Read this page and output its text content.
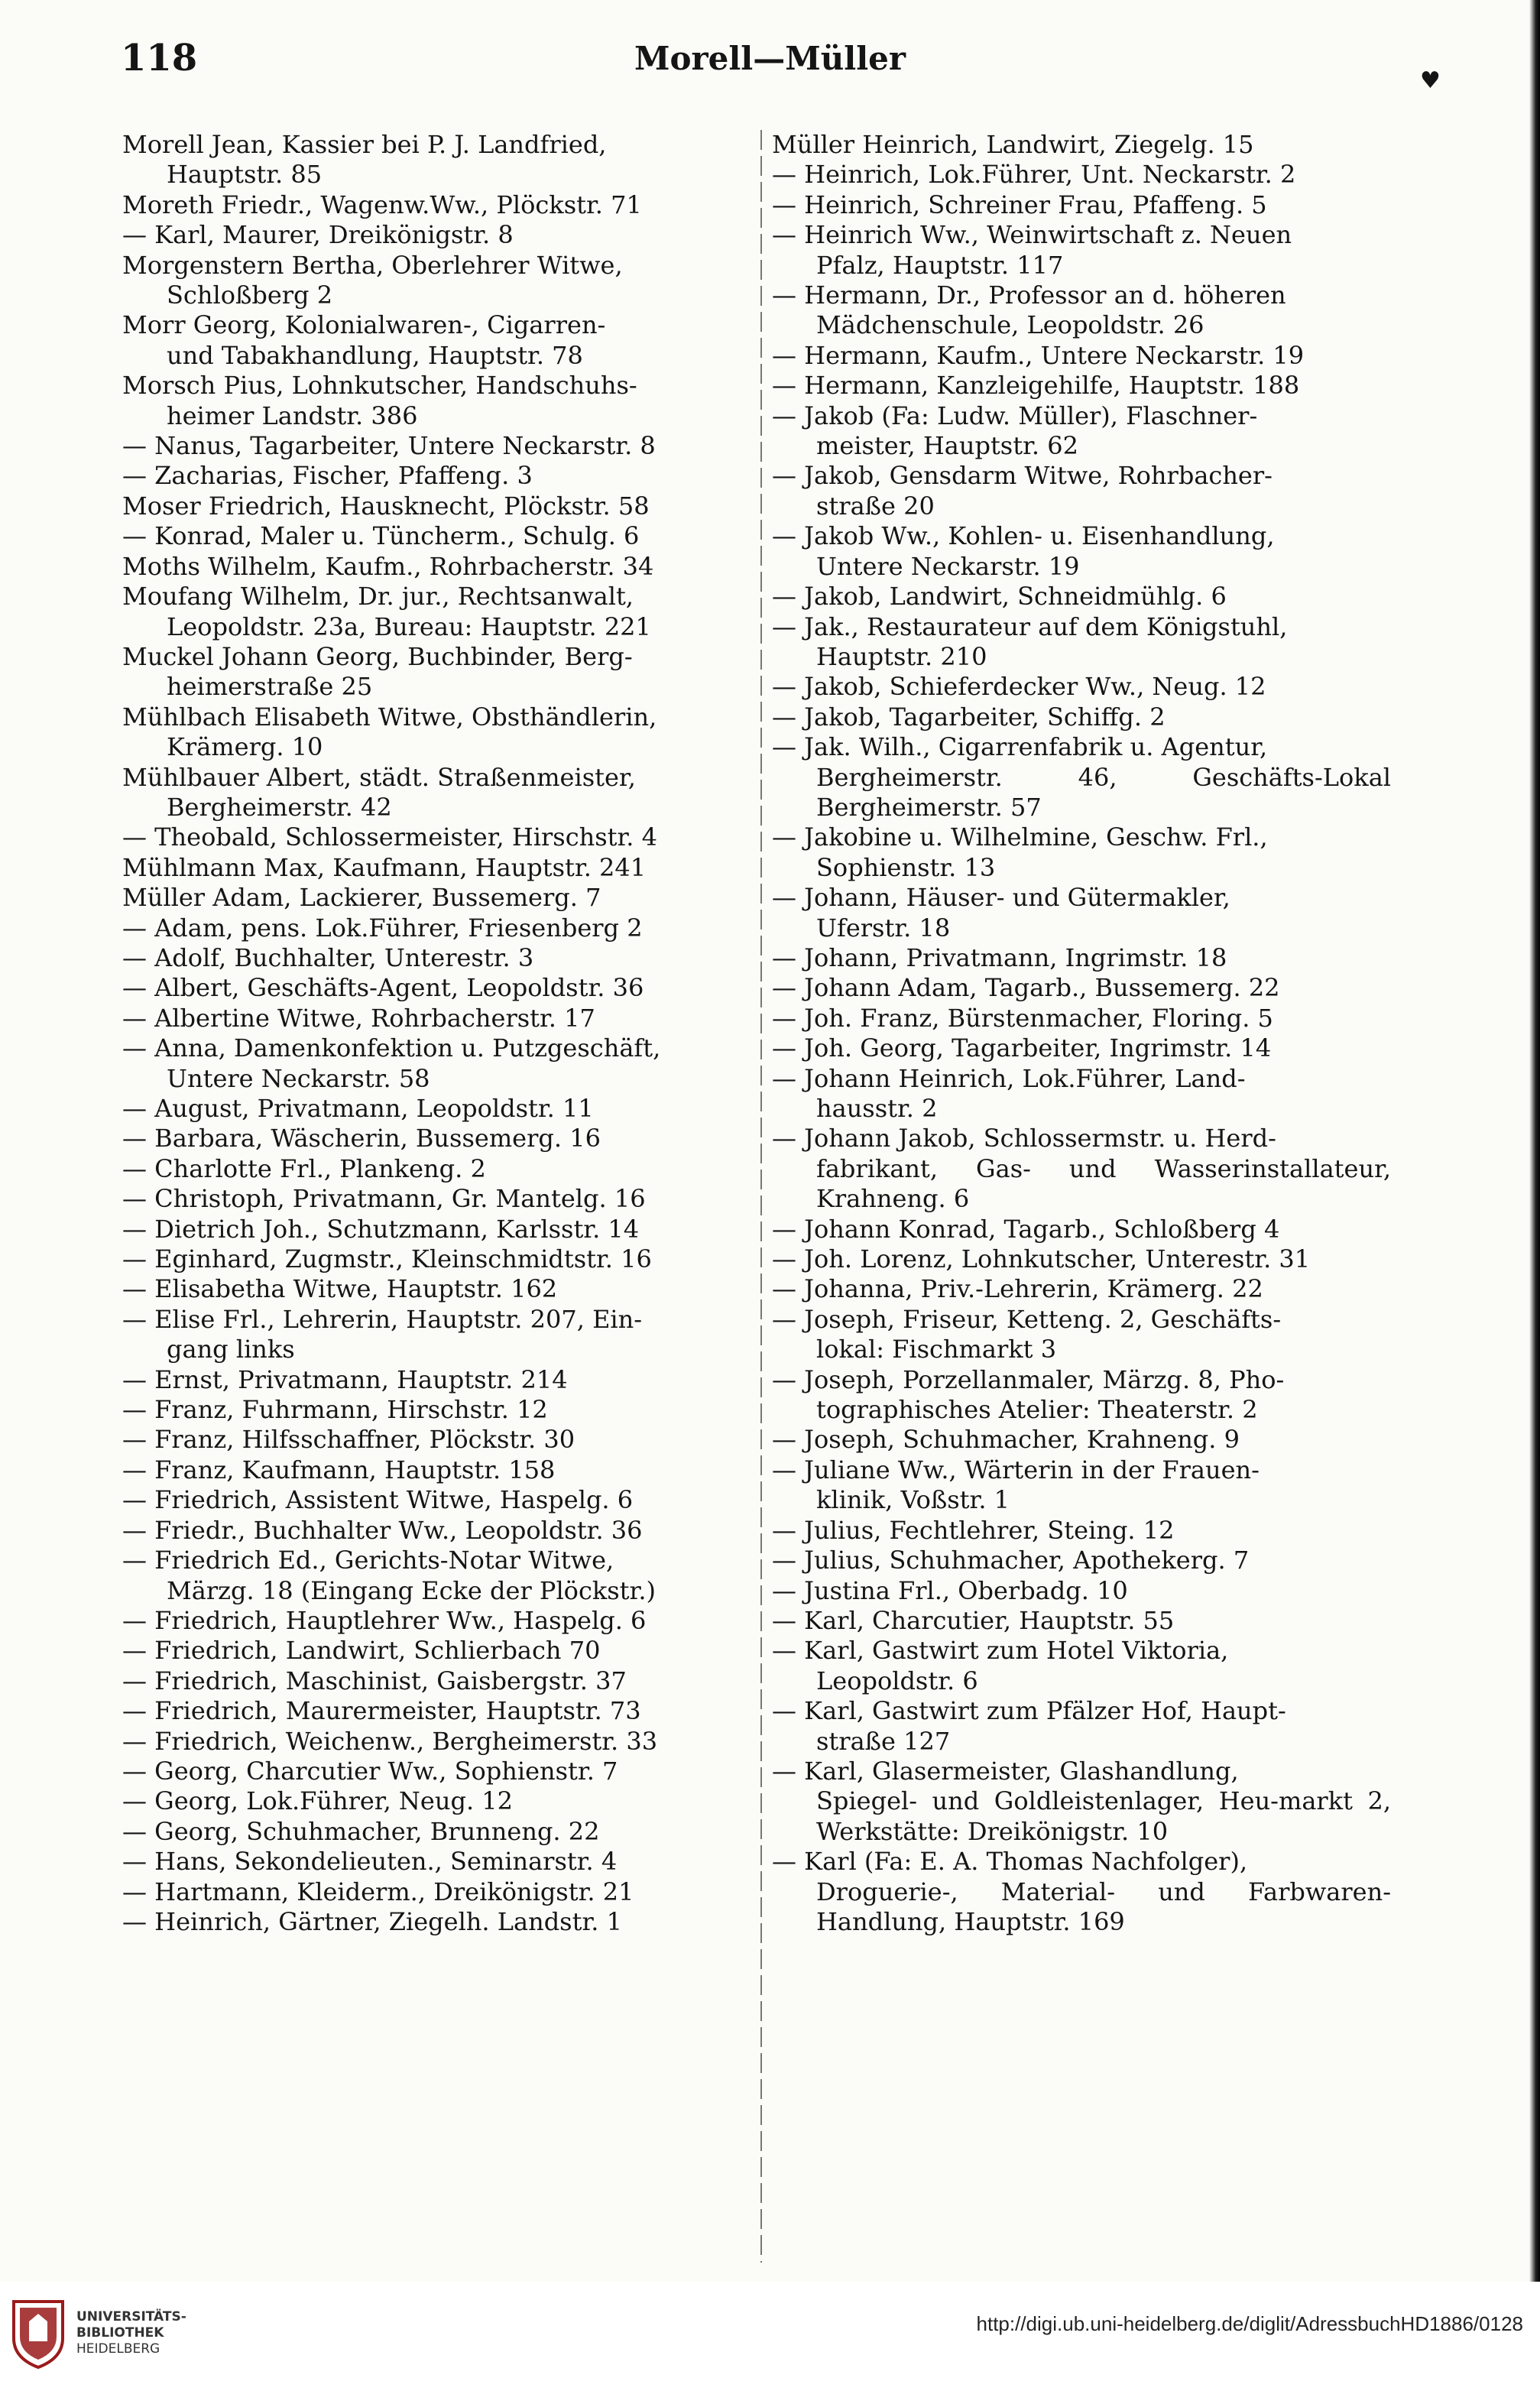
118	Morell—Müller
♥
Morell Jean, Kassier bei P. J. Landfried,
Hauptstr. 85
Moreth Friedr., Wagenw.Ww., Plöckstr. 71
— Karl, Maurer, Dreikönigstr. 8
Morgenstern Bertha, Oberlehrer Witwe,
Schloßberg 2
Morr Georg, Kolonialwaren-, Cigarren-
und Tabakhandlung, Hauptstr. 78
Morsch Pius, Lohnkutscher, Handschuhs-
heimer Landstr. 386
— Nanus, Tagarbeiter, Untere Neckarstr. 8
— Zacharias, Fischer, Pfaffeng. 3
Moser Friedrich, Hausknecht, Plöckstr. 58
— Konrad, Maler u. Tüncherm., Schulg. 6
Moths Wilhelm, Kaufm., Rohrbacherstr. 34
Moufang Wilhelm, Dr. jur., Rechtsanwalt,
Leopoldstr. 23a, Bureau: Hauptstr. 221
Muckel Johann Georg, Buchbinder, Berg-
heimerstraße 25
Mühlbach Elisabeth Witwe, Obsthändlerin,
Krämerg. 10
Mühlbauer Albert, städt. Straßenmeister,
Bergheimerstr. 42
— Theobald, Schlossermeister, Hirschstr. 4
Mühlmann Max, Kaufmann, Hauptstr. 241
Müller Adam, Lackierer, Bussemerg. 7
— Adam, pens. Lok.Führer, Friesenberg 2
— Adolf, Buchhalter, Unterestr. 3
— Albert, Geschäfts-Agent, Leopoldstr. 36
— Albertine Witwe, Rohrbacherstr. 17
— Anna, Damenkonfektion u. Putzgeschäft,
Untere Neckarstr. 58
— August, Privatmann, Leopoldstr. 11
— Barbara, Wäscherin, Bussemerg. 16
— Charlotte Frl., Plankeng. 2
— Christoph, Privatmann, Gr. Mantelg. 16
— Dietrich Joh., Schutzmann, Karlsstr. 14
— Eginhard, Zugmstr., Kleinschmidtstr. 16
— Elisabetha Witwe, Hauptstr. 162
— Elise Frl., Lehrerin, Hauptstr. 207, Ein-
gang links
— Ernst, Privatmann, Hauptstr. 214
— Franz, Fuhrmann, Hirschstr. 12
— Franz, Hilfsschaffner, Plöckstr. 30
— Franz, Kaufmann, Hauptstr. 158
— Friedrich, Assistent Witwe, Haspelg. 6
— Friedr., Buchhalter Ww., Leopoldstr. 36
— Friedrich Ed., Gerichts-Notar Witwe,
Märzg. 18 (Eingang Ecke der Plöckstr.)
— Friedrich, Hauptlehrer Ww., Haspelg. 6
— Friedrich, Landwirt, Schlierbach 70
— Friedrich, Maschinist, Gaisbergstr. 37
— Friedrich, Maurermeister, Hauptstr. 73
— Friedrich, Weichenw., Bergheimerstr. 33
— Georg, Charcutier Ww., Sophienstr. 7
— Georg, Lok.Führer, Neug. 12
— Georg, Schuhmacher, Brunneng. 22
— Hans, Sekondelieuten., Seminarstr. 4
— Hartmann, Kleiderm., Dreikönigstr. 21
— Heinrich, Gärtner, Ziegelh. Landstr. 1
Müller Heinrich, Landwirt, Ziegelg. 15
— Heinrich, Lok.Führer, Unt. Neckarstr. 2
— Heinrich, Schreiner Frau, Pfaffeng. 5
— Heinrich Ww., Weinwirtschaft z. Neuen
Pfalz, Hauptstr. 117
— Hermann, Dr., Professor an d. höheren
Mädchenschule, Leopoldstr. 26
— Hermann, Kaufm., Untere Neckarstr. 19
— Hermann, Kanzleigehilfe, Hauptstr. 188
— Jakob (Fa: Ludw. Müller), Flaschner-
meister, Hauptstr. 62
— Jakob, Gensdarm Witwe, Rohrbacher-
straße 20
— Jakob Ww., Kohlen- u. Eisenhandlung,
Untere Neckarstr. 19
— Jakob, Landwirt, Schneidmühlg. 6
— Jak., Restaurateur auf dem Königstuhl,
Hauptstr. 210
— Jakob, Schieferdecker Ww., Neug. 12
— Jakob, Tagarbeiter, Schiffg. 2
— Jak. Wilh., Cigarrenfabrik u. Agentur,
Bergheimerstr. 46, Geschäfts-Lokal Bergheimerstr. 57
— Jakobine u. Wilhelmine, Geschw. Frl.,
Sophienstr. 13
— Johann, Häuser- und Gütermakler,
Uferstr. 18
— Johann, Privatmann, Ingrimstr. 18
— Johann Adam, Tagarb., Bussemerg. 22
— Joh. Franz, Bürstenmacher, Floring. 5
— Joh. Georg, Tagarbeiter, Ingrimstr. 14
— Johann Heinrich, Lok.Führer, Land-
hausstr. 2
— Johann Jakob, Schlossermstr. u. Herd-
fabrikant, Gas- und Wasserinstallateur, Krahneng. 6
— Johann Konrad, Tagarb., Schloßberg 4
— Joh. Lorenz, Lohnkutscher, Unterestr. 31
— Johanna, Priv.-Lehrerin, Krämerg. 22
— Joseph, Friseur, Ketteng. 2, Geschäfts-
lokal: Fischmarkt 3
— Joseph, Porzellanmaler, Märzg. 8, Pho-
tographisches Atelier: Theaterstr. 2
— Joseph, Schuhmacher, Krahneng. 9
— Juliane Ww., Wärterin in der Frauen-
klinik, Voßstr. 1
— Julius, Fechtlehrer, Steing. 12
— Julius, Schuhmacher, Apothekerg. 7
— Justina Frl., Oberbadg. 10
— Karl, Charcutier, Hauptstr. 55
— Karl, Gastwirt zum Hotel Viktoria,
Leopoldstr. 6
— Karl, Gastwirt zum Pfälzer Hof, Haupt-
straße 127
— Karl, Glasermeister, Glashandlung,
Spiegel- und Goldleistenlager, Heu-markt 2, Werkstätte: Dreikönigstr. 10
— Karl (Fa: E. A. Thomas Nachfolger),
Droguerie-, Material- und Farbwaren-Handlung, Hauptstr. 169
UNIVERSITÄTS-
BIBLIOTHEK
HEIDELBERG
http://digi.ub.uni-heidelberg.de/diglit/AdressbuchHD1886/0128
